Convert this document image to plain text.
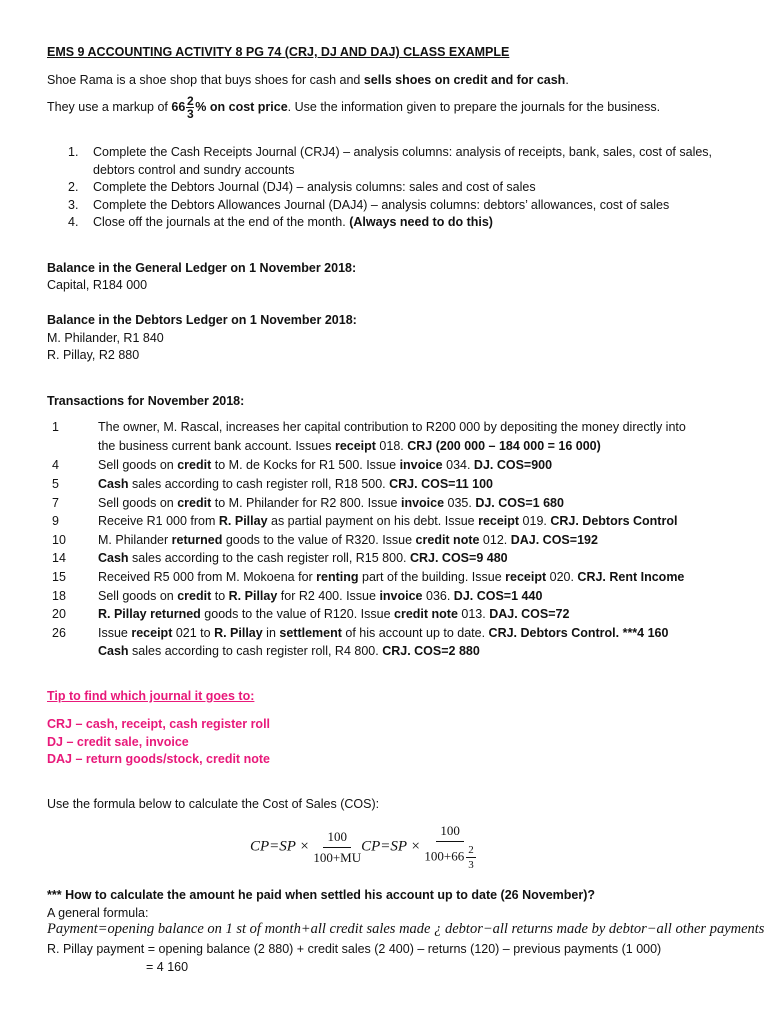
EMS 9 ACCOUNTING ACTIVITY 8 PG 74 (CRJ, DJ AND DAJ) CLASS EXAMPLE
Shoe Rama is a shoe shop that buys shoes for cash and sells shoes on credit and for cash.
They use a markup of $66 \frac{2}{3}$ % on cost price. Use the information given to prepare the journals for the business.
1. Complete the Cash Receipts Journal (CRJ4) – analysis columns: analysis of receipts, bank, sales, cost of sales,
debtors control and sundry accounts
2. Complete the Debtors Journal (DJ4) – analysis columns: sales and cost of sales
3. Complete the Debtors Allowances Journal (DAJ4) – analysis columns: debtors’ allowances, cost of sales
4. Close off the journals at the end of the month. (Always need to do this)
Balance in the General Ledger on 1 November 2018:
Capital, R184 000
Balance in the Debtors Ledger on 1 November 2018:
M. Philander, R1 840
R. Pillay, R2 880
Transactions for November 2018:
1	The owner, M. Rascal, increases her capital contribution to R200 000 by depositing the money directly into
the business current bank account. Issues receipt 018. CRJ (200 000 – 184 000 = 16 000)
4	Sell goods on credit to M. de Kocks for R1 500. Issue invoice 034. DJ. COS=900
5	Cash sales according to cash register roll, R18 500. CRJ. COS=11 100
7	Sell goods on credit to M. Philander for R2 800. Issue invoice 035. DJ. COS=1 680
9	Receive R1 000 from R. Pillay as partial payment on his debt. Issue receipt 019. CRJ. Debtors Control
10	M. Philander returned goods to the value of R320. Issue credit note 012. DAJ. COS=192
14	Cash sales according to the cash register roll, R15 800. CRJ. COS=9 480
15	Received R5 000 from M. Mokoena for renting part of the building. Issue receipt 020. CRJ. Rent Income
18	Sell goods on credit to R. Pillay for R2 400. Issue invoice 036. DJ. COS=1 440
20	R. Pillay returned goods to the value of R120. Issue credit note 013. DAJ. COS=72
26	Issue receipt 021 to R. Pillay in settlement of his account up to date. CRJ. Debtors Control. ***4 160
Cash sales according to cash register roll, R4 800. CRJ. COS=2 880
Tip to find which journal it goes to:
CRJ – cash, receipt, cash register roll
DJ – credit sale, invoice
DAJ – return goods/stock, credit note
Use the formula below to calculate the Cost of Sales (COS):
$CP=SP \times \frac{100}{100+MU} CP=SP \times \frac{100}{100+66 \frac{2}{3}}$
*** How to calculate the amount he paid when settled his account up to date (26 November)?
A general formula:
Payment=opening balance on 1 st of month+all credit sales made ¿ debtor−all returns made by debtor−all other payments
R. Pillay payment = opening balance (2 880) + credit sales (2 400) – returns (120) – previous payments (1 000)
= 4 160
